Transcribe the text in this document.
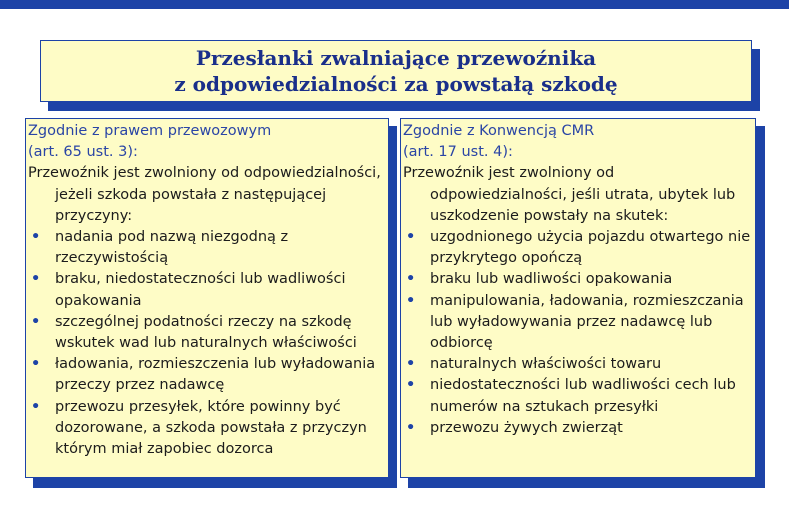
Przesłanki zwalniające przewoźnika
z odpowiedzialności za powstałą szkodę
Zgodnie z prawem przewozowym
(art. 65 ust. 3):
Przewoźnik jest zwolniony od odpowiedzialności, jeżeli szkoda powstała z następującej przyczyny:
• nadania pod nazwą niezgodną z rzeczywistością
• braku, niedostateczności lub wadliwości opakowania
• szczególnej podatności rzeczy na szkodę wskutek wad lub naturalnych właściwości
• ładowania, rozmieszczenia lub wyładowania przeczy przez nadawcę
• przewozu przesyłek, które powinny być dozorowane, a szkoda powstała z przyczyn którym miał zapobiec dozorca
Zgodnie z Konwencją CMR
(art. 17 ust. 4):
Przewoźnik jest zwolniony od odpowiedzialności, jeśli utrata, ubytek lub uszkodzenie powstały na skutek:
• uzgodnionego użycia pojazdu otwartego nie przykrytego opończą
• braku lub wadliwości opakowania
• manipulowania, ładowania, rozmieszczania lub wyładowywania przez nadawcę lub odbiorcę
• naturalnych właściwości towaru
• niedostateczności lub wadliwości cech lub numerów na sztukach przesyłki
• przewozu żywych zwierząt
